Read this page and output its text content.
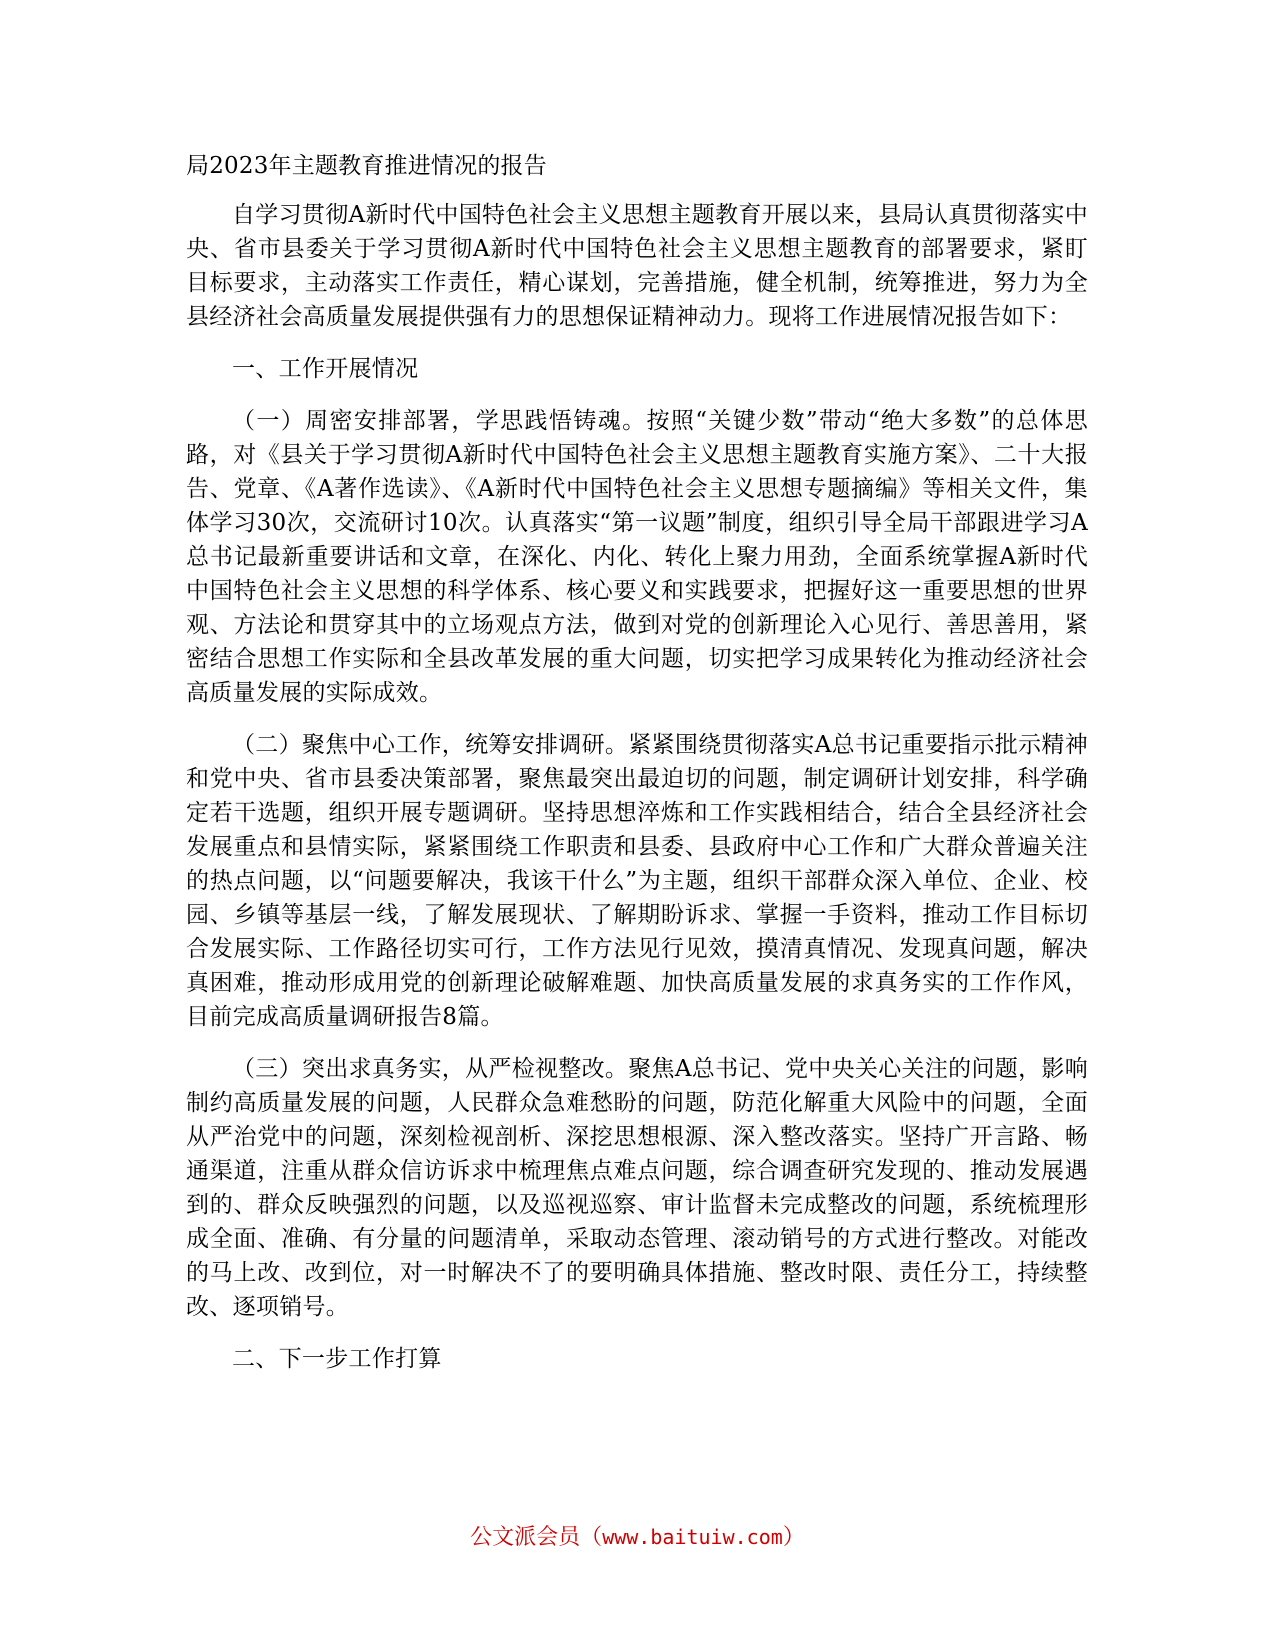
局2023年主题教育推进情况的报告

自学习贯彻A新时代中国特色社会主义思想主题教育开展以来，县局认真贯彻落实中央、省市县委关于学习贯彻A新时代中国特色社会主义思想主题教育的部署要求，紧盯目标要求，主动落实工作责任，精心谋划，完善措施，健全机制，统筹推进，努力为全县经济社会高质量发展提供强有力的思想保证精神动力。现将工作进展情况报告如下：

一、工作开展情况

（一）周密安排部署，学思践悟铸魂。按照“关键少数”带动“绝大多数”的总体思路，对《县关于学习贯彻A新时代中国特色社会主义思想主题教育实施方案》、二十大报告、党章、《A著作选读》、《A新时代中国特色社会主义思想专题摘编》等相关文件，集体学习30次，交流研讨10次。认真落实“第一议题”制度，组织引导全局干部跟进学习A总书记最新重要讲话和文章，在深化、内化、转化上聚力用劲，全面系统掌握A新时代中国特色社会主义思想的科学体系、核心要义和实践要求，把握好这一重要思想的世界观、方法论和贯穿其中的立场观点方法，做到对党的创新理论入心见行、善思善用，紧密结合思想工作实际和全县改革发展的重大问题，切实把学习成果转化为推动经济社会高质量发展的实际成效。

（二）聚焦中心工作，统筹安排调研。紧紧围绕贯彻落实A总书记重要指示批示精神和党中央、省市县委决策部署，聚焦最突出最迫切的问题，制定调研计划安排，科学确定若干选题，组织开展专题调研。坚持思想淬炼和工作实践相结合，结合全县经济社会发展重点和县情实际，紧紧围绕工作职责和县委、县政府中心工作和广大群众普遍关注的热点问题，以“问题要解决，我该干什么”为主题，组织干部群众深入单位、企业、校园、乡镇等基层一线，了解发展现状、了解期盼诉求、掌握一手资料，推动工作目标切合发展实际、工作路径切实可行，工作方法见行见效，摸清真情况、发现真问题，解决真困难，推动形成用党的创新理论破解难题、加快高质量发展的求真务实的工作作风，目前完成高质量调研报告8篇。

（三）突出求真务实，从严检视整改。聚焦A总书记、党中央关心关注的问题，影响制约高质量发展的问题，人民群众急难愁盼的问题，防范化解重大风险中的问题，全面从严治党中的问题，深刻检视剖析、深挖思想根源、深入整改落实。坚持广开言路、畅通渠道，注重从群众信访诉求中梳理焦点难点问题，综合调查研究发现的、推动发展遇到的、群众反映强烈的问题，以及巡视巡察、审计监督未完成整改的问题，系统梳理形成全面、准确、有分量的问题清单，采取动态管理、滚动销号的方式进行整改。对能改的马上改、改到位，对一时解决不了的要明确具体措施、整改时限、责任分工，持续整改、逐项销号。

二、下一步工作打算

公文派会员（www.baituiw.com）
